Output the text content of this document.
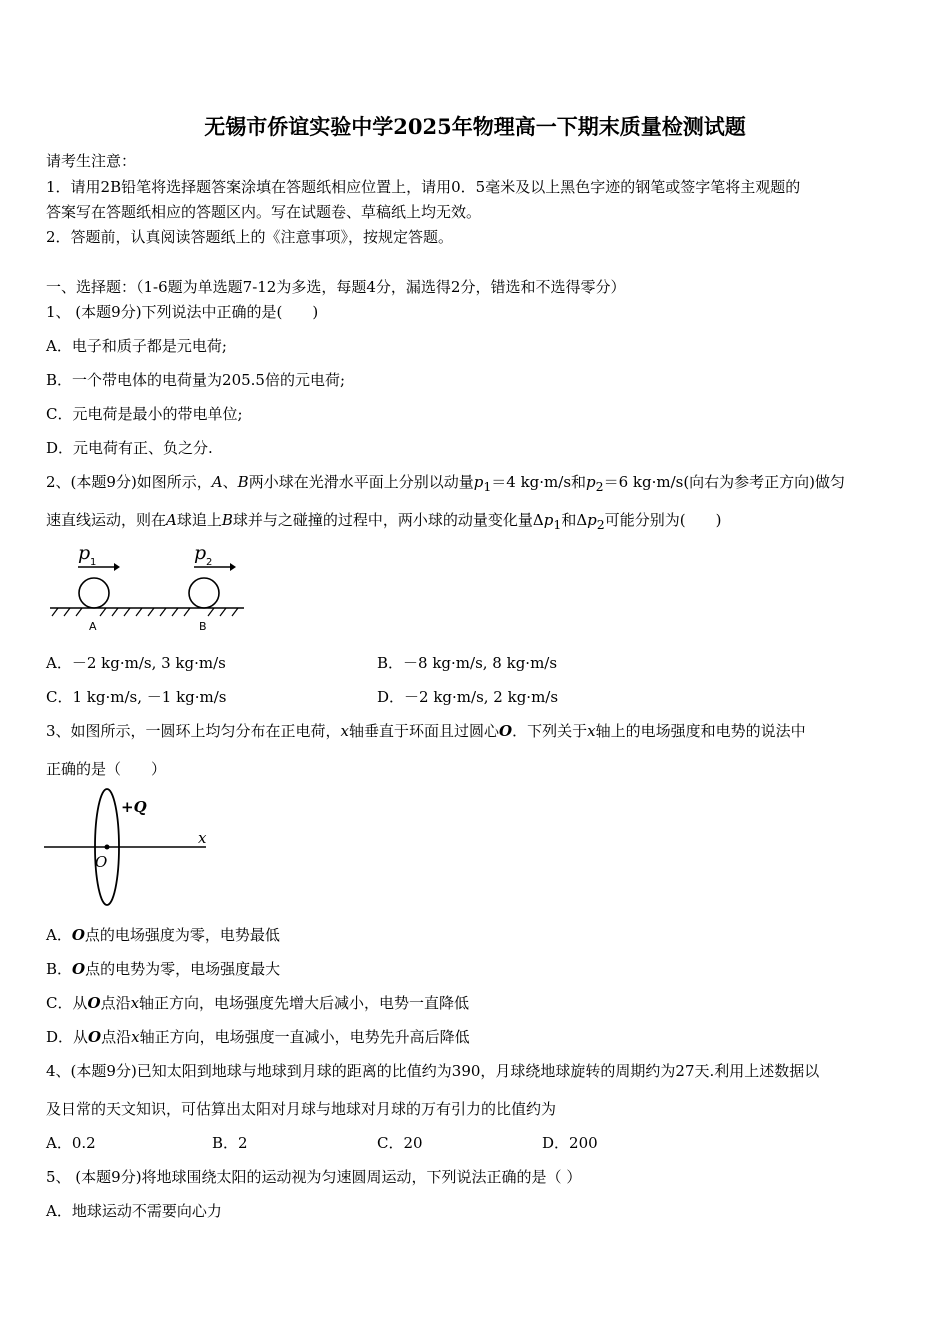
无锡市侨谊实验中学2025年物理高一下期末质量检测试题
请考生注意：
1．请用2B铅笔将选择题答案涂填在答题纸相应位置上，请用0．5毫米及以上黑色字迹的钢笔或签字笔将主观题的
答案写在答题纸相应的答题区内。写在试题卷、草稿纸上均无效。
2．答题前，认真阅读答题纸上的《注意事项》，按规定答题。
一、选择题：（1-6题为单选题7-12为多选，每题4分，漏选得2分，错选和不选得零分）
1、 (本题9分)下列说法中正确的是(　　)
A．电子和质子都是元电荷;
B．一个带电体的电荷量为205.5倍的元电荷;
C．元电荷是最小的带电单位;
D．元电荷有正、负之分.
2、(本题9分)如图所示，A、B两小球在光滑水平面上分别以动量$p_1=4$ kg·m/s和$p_2=6$ kg·m/s(向右为参考正方向)做匀
速直线运动，则在A球追上B球并与之碰撞的过程中，两小球的动量变化量$\Delta p_1$和$\Delta p_2$可能分别为(　　)
p 1	p 2
A	B
A．－2 kg·m/s, 3 kg·m/s	B．－8 kg·m/s, 8 kg·m/s
C．1 kg·m/s, －1 kg·m/s	D．－2 kg·m/s, 2 kg·m/s
3、如图所示，一圆环上均匀分布在正电荷，x轴垂直于环面且过圆心O．下列关于x轴上的电场强度和电势的说法中
正确的是（　　）
+Q
x
O
A．O点的电场强度为零，电势最低
B．O点的电势为零，电场强度最大
C．从O点沿x轴正方向，电场强度先增大后减小，电势一直降低
D．从O点沿x轴正方向，电场强度一直减小，电势先升高后降低
4、(本题9分)已知太阳到地球与地球到月球的距离的比值约为390，月球绕地球旋转的周期约为27天.利用上述数据以
及日常的天文知识，可估算出太阳对月球与地球对月球的万有引力的比值约为
A．0.2	B．2	C．20	D．200
5、 (本题9分)将地球围绕太阳的运动视为匀速圆周运动，下列说法正确的是（ ）
A．地球运动不需要向心力
